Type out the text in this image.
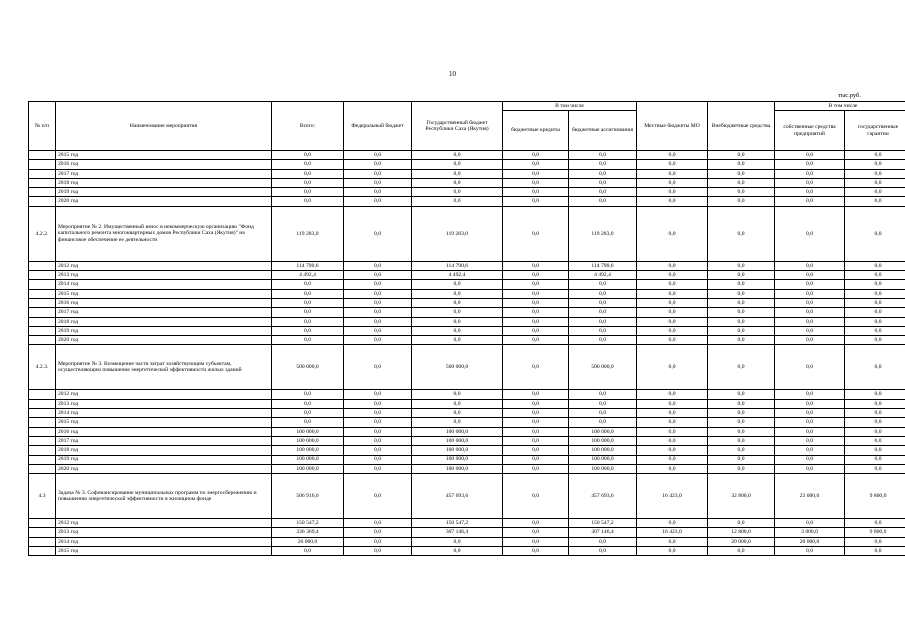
10
тыс.руб.
№ п/п	Наименование мероприятия	Всего:	Федеральный бюджет	Государственный бюджет Республики Саха (Якутия)	В том числе		Местные бюджеты МО	Внебюджетные средства	В том числе	
					бюджетные кредиты	бюджетные ассигнования			собственные средства предприятий	государственные гарантии
	2015 год	0,0	0,0	0,0	0,0	0,0	0,0	0,0	0,0	0,0
	2016 год	0,0	0,0	0,0	0,0	0,0	0,0	0,0	0,0	0,0
	2017 год	0,0	0,0	0,0	0,0	0,0	0,0	0,0	0,0	0,0
	2018 год	0,0	0,0	0,0	0,0	0,0	0,0	0,0	0,0	0,0
	2019 год	0,0	0,0	0,0	0,0	0,0	0,0	0,0	0,0	0,0
	2020 год	0,0	0,0	0,0	0,0	0,0	0,0	0,0	0,0	0,0
4.2.2.	Мероприятие № 2. Имущественный взнос в некоммерческую организацию "Фонд капитального ремонта многоквартирных домов Республики Саха (Якутия)" на финансовое обеспечение ее деятельности	119 283,0	0,0	119 283,0	0,0	119 283,0	0,0	0,0	0,0	0,0
	2012 год	114 790,6	0,0	114 790,6	0,0	114 790,6	0,0	0,0	0,0	0,0
	2013 год	4 492,4	0,0	4 492,4	0,0	4 492,4	0,0	0,0	0,0	0,0
	2014 год	0,0	0,0	0,0	0,0	0,0	0,0	0,0	0,0	0,0
	2015 год	0,0	0,0	0,0	0,0	0,0	0,0	0,0	0,0	0,0
	2016 год	0,0	0,0	0,0	0,0	0,0	0,0	0,0	0,0	0,0
	2017 год	0,0	0,0	0,0	0,0	0,0	0,0	0,0	0,0	0,0
	2018 год	0,0	0,0	0,0	0,0	0,0	0,0	0,0	0,0	0,0
	2019 год	0,0	0,0	0,0	0,0	0,0	0,0	0,0	0,0	0,0
	2020 год	0,0	0,0	0,0	0,0	0,0	0,0	0,0	0,0	0,0
4.2.3.	Мероприятие № 3. Возмещение части затрат хозяйствующим субъектам, осуществляющим повышение энергетической эффективности жилых зданий	500 000,0	0,0	500 000,0	0,0	500 000,0	0,0	0,0	0,0	0,0
	2012 год	0,0	0,0	0,0	0,0	0,0	0,0	0,0	0,0	0,0
	2013 год	0,0	0,0	0,0	0,0	0,0	0,0	0,0	0,0	0,0
	2014 год	0,0	0,0	0,0	0,0	0,0	0,0	0,0	0,0	0,0
	2015 год	0,0	0,0	0,0	0,0	0,0	0,0	0,0	0,0	0,0
	2016 год	100 000,0	0,0	100 000,0	0,0	100 000,0	0,0	0,0	0,0	0,0
	2017 год	100 000,0	0,0	100 000,0	0,0	100 000,0	0,0	0,0	0,0	0,0
	2018 год	100 000,0	0,0	100 000,0	0,0	100 000,0	0,0	0,0	0,0	0,0
	2019 год	100 000,0	0,0	100 000,0	0,0	100 000,0	0,0	0,0	0,0	0,0
	2020 год	100 000,0	0,0	100 000,0	0,0	100 000,0	0,0	0,0	0,0	0,0
4.3	Задача № 3. Софинансирование муниципальных программ по энергосбережению и повышению энергетической эффективности в жилищном фонде	506 916,6	0,0	457 693,6	0,0	457 693,6	16 423,0	32 800,0	23 000,0	9 800,0
	2012 год	150 547,2	0,0	150 547,2	0,0	150 547,2	0,0	0,0	0,0	0,0
	2013 год	336 369,4	0,0	307 146,4	0,0	307 146,4	16 423,0	12 800,0	3 000,0	9 800,0
	2014 год	20 000,0	0,0	0,0	0,0	0,0	0,0	20 000,0	20 000,0	0,0
	2015 год	0,0	0,0	0,0	0,0	0,0	0,0	0,0	0,0	0,0
